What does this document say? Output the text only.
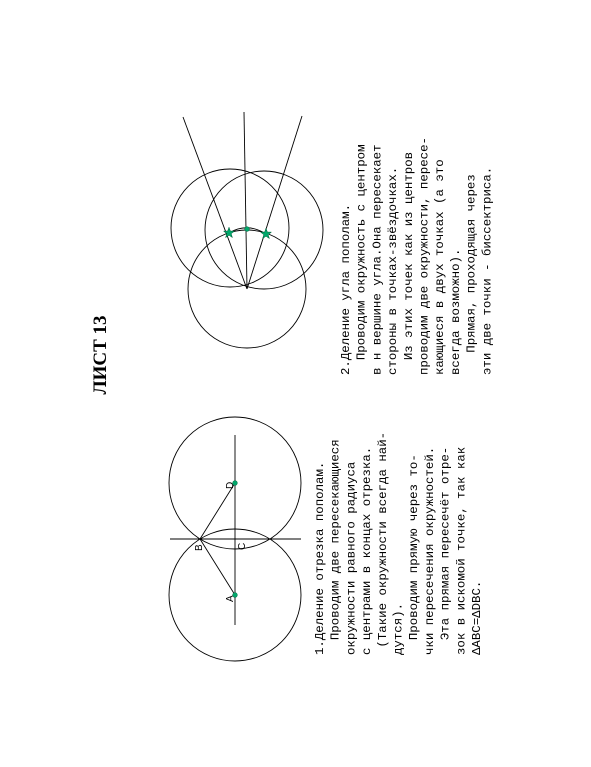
ЛИСТ 13
A
B	C
D	1.Деление отрезка пополам. Проводим две пересекающиеся окружности равного радиуса с центрами в концах отрезка. (Такие окружности всегда най- дутся). Проводим прямую через то- чки пересечения окружностей. Эта прямая пересечёт отре- зок в искомой точке, так как ΔАВС=ΔDВС.
2.Деление угла пополам. Проводим окружность с центром в н вершине угла.Она пересекает стороны в точках-звёздочках. Из этих точек как из центров проводим две окружности, пересе- кающиеся в двух точках (а это всегда возможно). Прямая, проходящая через эти две точки - биссектриса.
